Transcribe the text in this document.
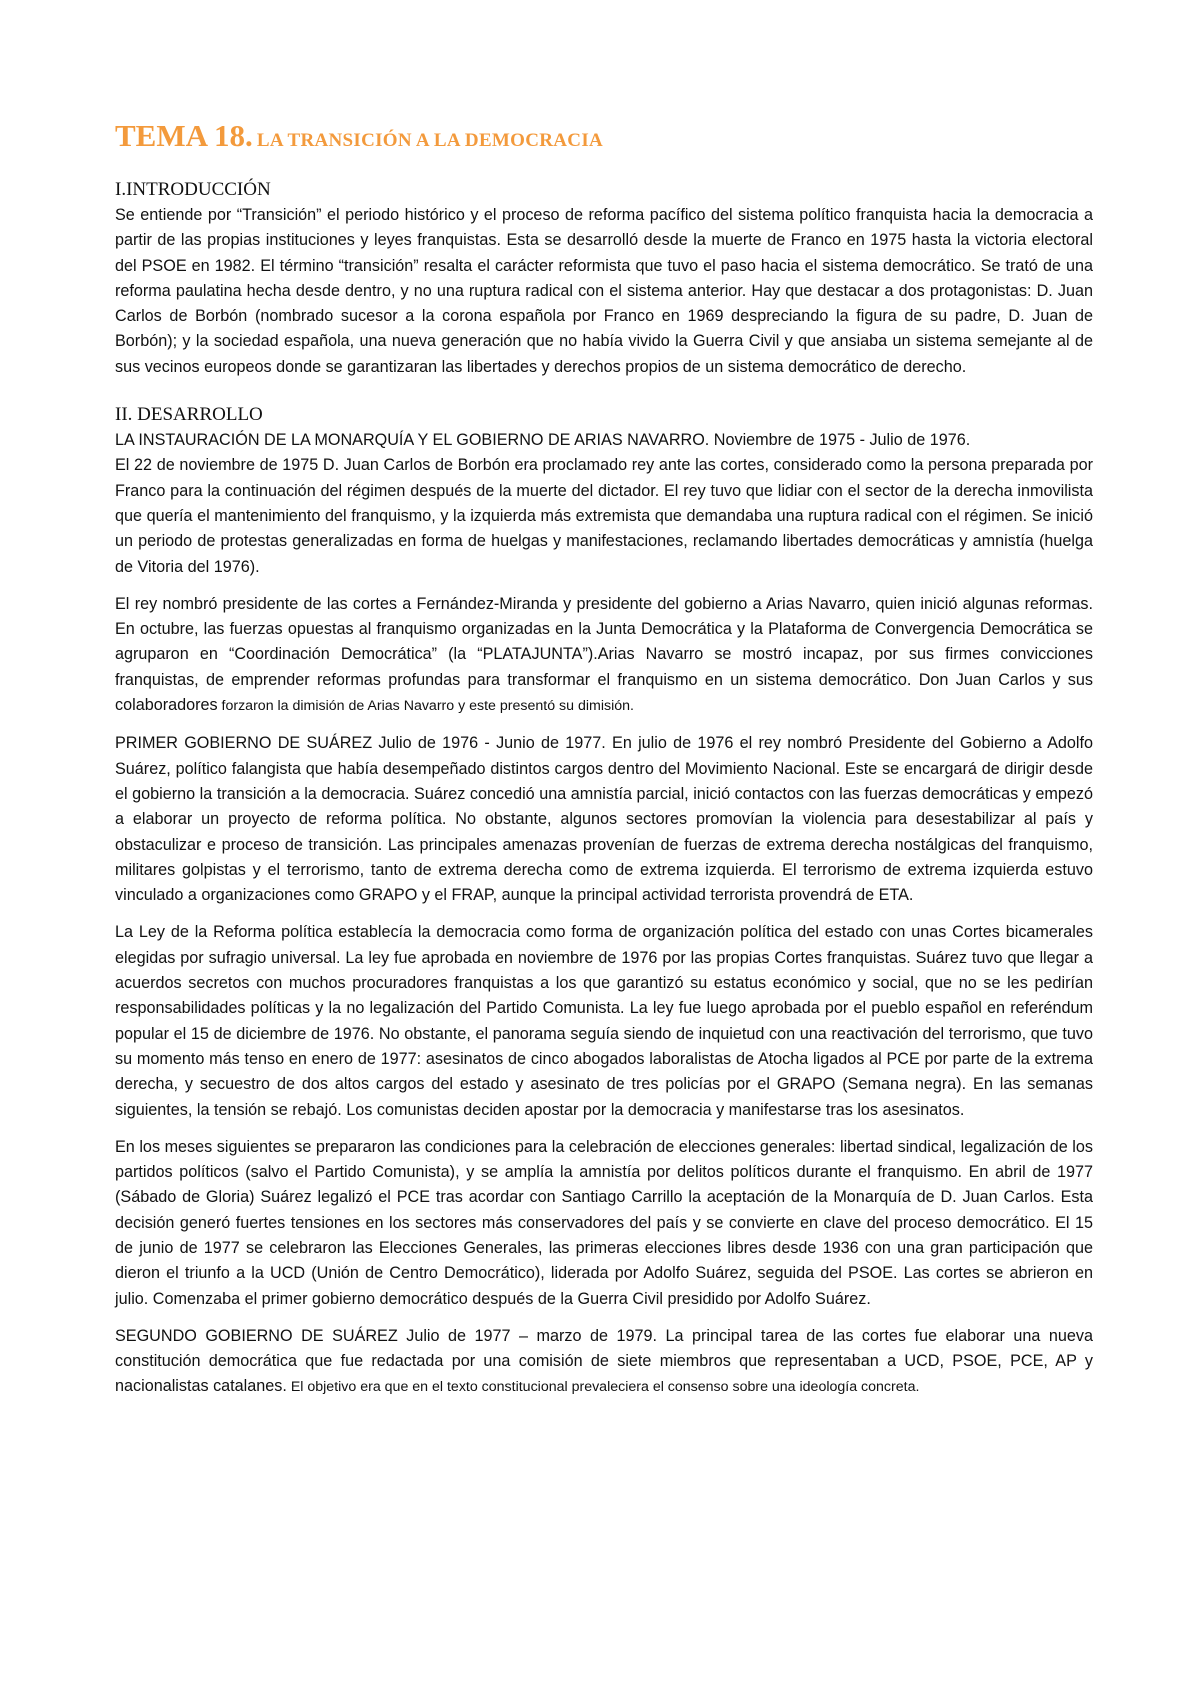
TEMA 18. LA TRANSICIÓN A LA DEMOCRACIA
I.INTRODUCCIÓN

Se entiende por “Transición” el periodo histórico y el proceso de reforma pacífico del sistema político franquista hacia la democracia a partir de las propias instituciones y leyes franquistas. Esta se desarrolló desde la muerte de Franco en 1975 hasta la victoria electoral del PSOE en 1982. El término “transición” resalta el carácter reformista que tuvo el paso hacia el sistema democrático. Se trató de una reforma paulatina hecha desde dentro, y no una ruptura radical con el sistema anterior. Hay que destacar a dos protagonistas: D. Juan Carlos de Borbón (nombrado sucesor a la corona española por Franco en 1969 despreciando la figura de su padre, D. Juan de Borbón); y la sociedad española, una nueva generación que no había vivido la Guerra Civil y que ansiaba un sistema semejante al de sus vecinos europeos donde se garantizaran las libertades y derechos propios de un sistema democrático de derecho.

II. DESARROLLO
LA INSTAURACIÓN DE LA MONARQUÍA Y EL GOBIERNO DE ARIAS NAVARRO. Noviembre de 1975 - Julio de 1976.

El 22 de noviembre de 1975 D. Juan Carlos de Borbón era proclamado rey ante las cortes, considerado como la persona preparada por Franco para la continuación del régimen después de la muerte del dictador. El rey tuvo que lidiar con el sector de la derecha inmovilista que quería el mantenimiento del franquismo, y la izquierda más extremista que demandaba una ruptura radical con el régimen. Se inició un periodo de protestas generalizadas en forma de huelgas y manifestaciones, reclamando libertades democráticas y amnistía (huelga de Vitoria del 1976).

El rey nombró presidente de las cortes a Fernández-Miranda y presidente del gobierno a Arias Navarro, quien inició algunas reformas. En octubre, las fuerzas opuestas al franquismo organizadas en la Junta Democrática y la Plataforma de Convergencia Democrática se agruparon en “Coordinación Democrática” (la “PLATAJUNTA”).Arias Navarro se mostró incapaz, por sus firmes convicciones franquistas, de emprender reformas profundas para transformar el franquismo en un sistema democrático. Don Juan Carlos y sus colaboradores forzaron la dimisión de Arias Navarro y este presentó su dimisión.

PRIMER GOBIERNO DE SUÁREZ Julio de 1976 - Junio de 1977. En julio de 1976 el rey nombró Presidente del Gobierno a Adolfo Suárez, político falangista que había desempeñado distintos cargos dentro del Movimiento Nacional. Este se encargará de dirigir desde el gobierno la transición a la democracia. Suárez concedió una amnistía parcial, inició contactos con las fuerzas democráticas y empezó a elaborar un proyecto de reforma política. No obstante, algunos sectores promovían la violencia para desestabilizar al país y obstaculizar e proceso de transición. Las principales amenazas provenían de fuerzas de extrema derecha nostálgicas del franquismo, militares golpistas y el terrorismo, tanto de extrema derecha como de extrema izquierda. El terrorismo de extrema izquierda estuvo vinculado a organizaciones como GRAPO y el FRAP, aunque la principal actividad terrorista provendrá de ETA.

La Ley de la Reforma política establecía la democracia como forma de organización política del estado con unas Cortes bicamerales elegidas por sufragio universal. La ley fue aprobada en noviembre de 1976 por las propias Cortes franquistas. Suárez tuvo que llegar a acuerdos secretos con muchos procuradores franquistas a los que garantizó su estatus económico y social, que no se les pedirían responsabilidades políticas y la no legalización del Partido Comunista. La ley fue luego aprobada por el pueblo español en referéndum popular el 15 de diciembre de 1976. No obstante, el panorama seguía siendo de inquietud con una reactivación del terrorismo, que tuvo su momento más tenso en enero de 1977: asesinatos de cinco abogados laboralistas de Atocha ligados al PCE por parte de la extrema derecha, y secuestro de dos altos cargos del estado y asesinato de tres policías por el GRAPO (Semana negra). En las semanas siguientes, la tensión se rebajó. Los comunistas deciden apostar por la democracia y manifestarse tras los asesinatos.

En los meses siguientes se prepararon las condiciones para la celebración de elecciones generales: libertad sindical, legalización de los partidos políticos (salvo el Partido Comunista), y se amplía la amnistía por delitos políticos durante el franquismo. En abril de 1977 (Sábado de Gloria) Suárez legalizó el PCE tras acordar con Santiago Carrillo la aceptación de la Monarquía de D. Juan Carlos. Esta decisión generó fuertes tensiones en los sectores más conservadores del país y se convierte en clave del proceso democrático. El 15 de junio de 1977 se celebraron las Elecciones Generales, las primeras elecciones libres desde 1936 con una gran participación que dieron el triunfo a la UCD (Unión de Centro Democrático), liderada por Adolfo Suárez, seguida del PSOE. Las cortes se abrieron en julio. Comenzaba el primer gobierno democrático después de la Guerra Civil presidido por Adolfo Suárez.

SEGUNDO GOBIERNO DE SUÁREZ Julio de 1977 – marzo de 1979. La principal tarea de las cortes fue elaborar una nueva constitución democrática que fue redactada por una comisión de siete miembros que representaban a UCD, PSOE, PCE, AP y nacionalistas catalanes. El objetivo era que en el texto constitucional prevaleciera el consenso sobre una ideología concreta.
